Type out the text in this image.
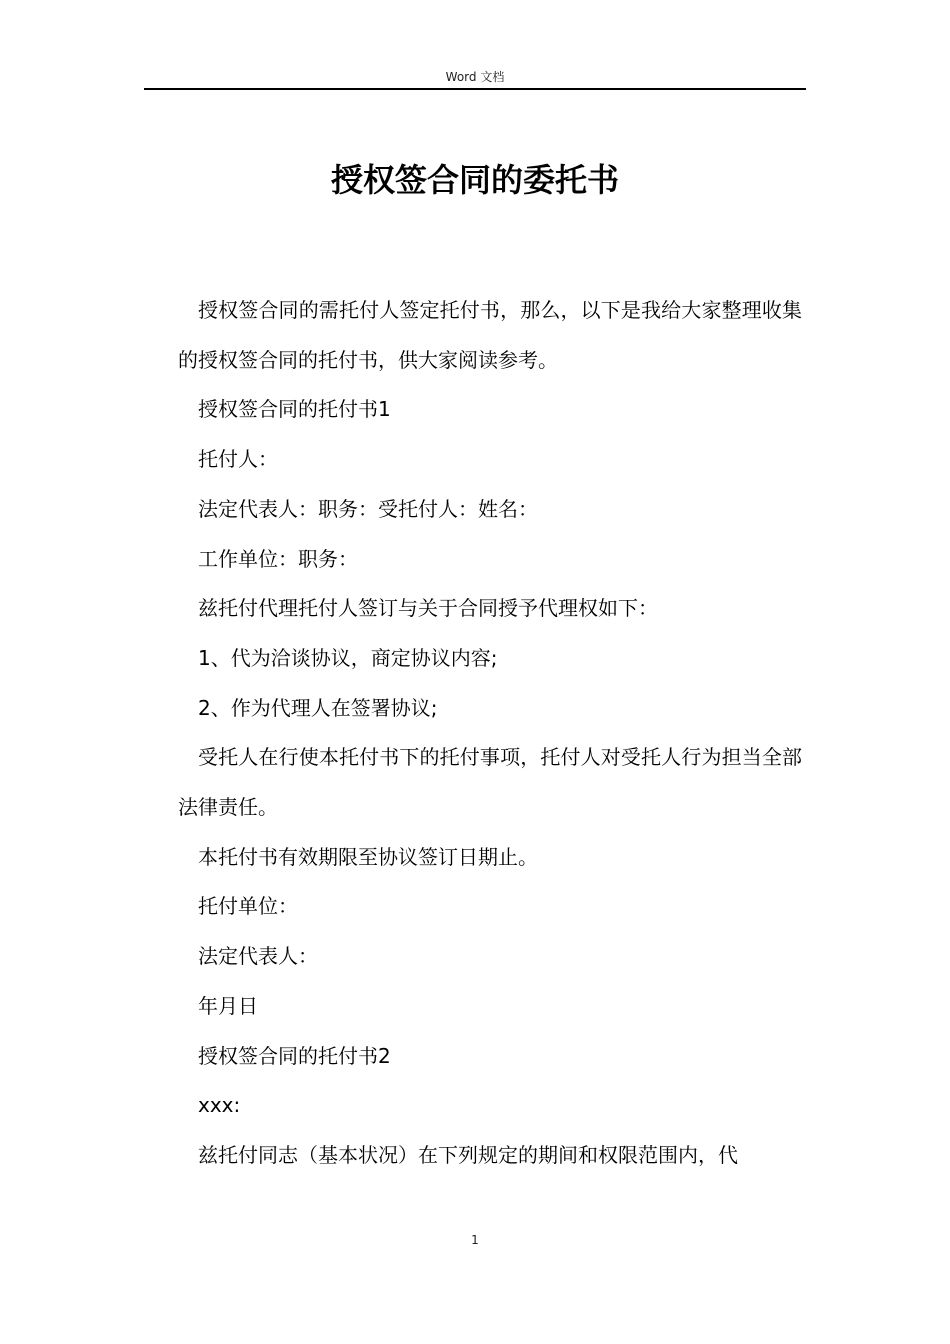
Word 文档
授权签合同的委托书

授权签合同的需托付人签定托付书，那么，以下是我给大家整理收集的授权签合同的托付书，供大家阅读参考。

授权签合同的托付书1

托付人：

法定代表人：职务：受托付人：姓名：

工作单位：职务：

兹托付代理托付人签订与关于合同授予代理权如下：

1、代为洽谈协议，商定协议内容;

2、作为代理人在签署协议;

受托人在行使本托付书下的托付事项，托付人对受托人行为担当全部法律责任。

本托付书有效期限至协议签订日期止。

托付单位：

法定代表人：

年月日

授权签合同的托付书2

xxx:

兹托付同志（基本状况）在下列规定的期间和权限范围内，代

1
